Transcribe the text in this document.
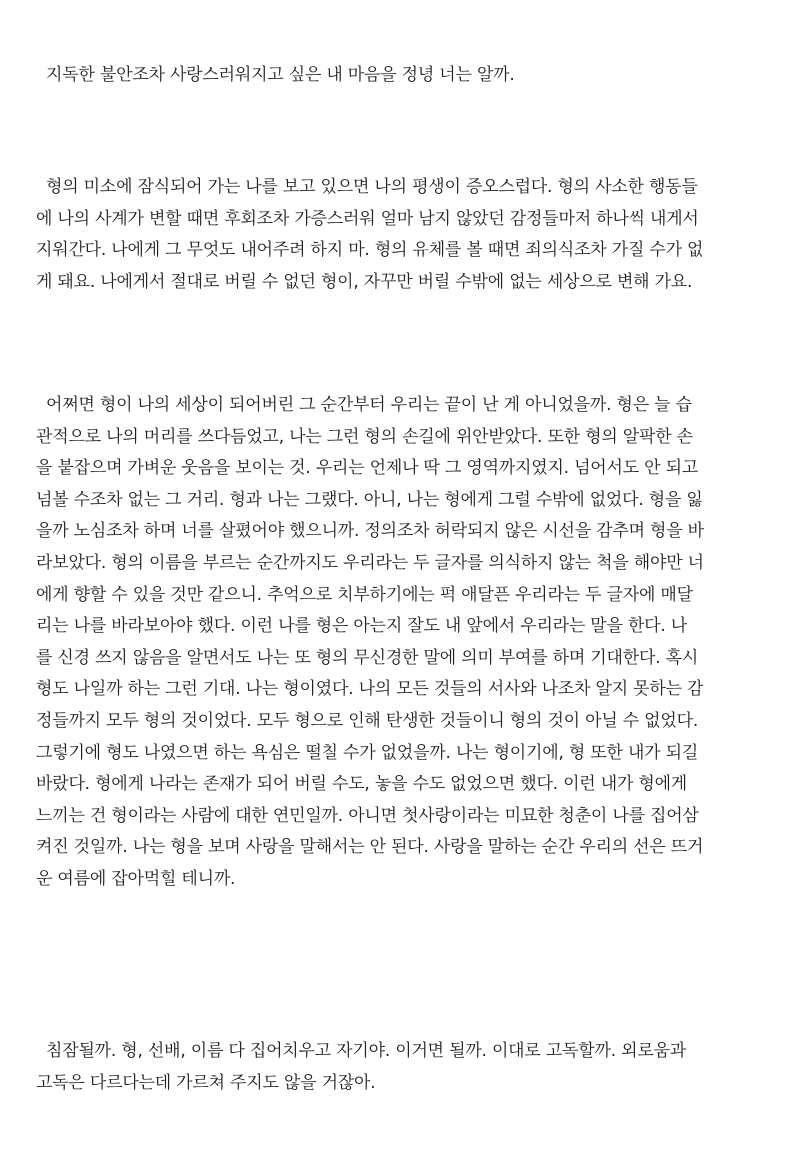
지독한 불안조차 사랑스러워지고 싶은 내 마음을 정녕 너는 알까.

형의 미소에 잠식되어 가는 나를 보고 있으면 나의 평생이 증오스럽다. 형의 사소한 행동들
에 나의 사계가 변할 때면 후회조차 가증스러워 얼마 남지 않았던 감정들마저 하나씩 내게서
지워간다. 나에게 그 무엇도 내어주려 하지 마. 형의 유체를 볼 때면 죄의식조차 가질 수가 없
게 돼요. 나에게서 절대로 버릴 수 없던 형이, 자꾸만 버릴 수밖에 없는 세상으로 변해 가요.

어쩌면 형이 나의 세상이 되어버린 그 순간부터 우리는 끝이 난 게 아니었을까. 형은 늘 습
관적으로 나의 머리를 쓰다듬었고, 나는 그런 형의 손길에 위안받았다. 또한 형의 알팍한 손
을 붙잡으며 가벼운 웃음을 보이는 것. 우리는 언제나 딱 그 영역까지였지. 넘어서도 안 되고
넘볼 수조차 없는 그 거리. 형과 나는 그랬다. 아니, 나는 형에게 그럴 수밖에 없었다. 형을 잃
을까 노심조차 하며 너를 살폈어야 했으니까. 정의조차 허락되지 않은 시선을 감추며 형을 바
라보았다. 형의 이름을 부르는 순간까지도 우리라는 두 글자를 의식하지 않는 척을 해야만 너
에게 향할 수 있을 것만 같으니. 추억으로 치부하기에는 퍽 애달픈 우리라는 두 글자에 매달
리는 나를 바라보아야 했다. 이런 나를 형은 아는지 잘도 내 앞에서 우리라는 말을 한다. 나
를 신경 쓰지 않음을 알면서도 나는 또 형의 무신경한 말에 의미 부여를 하며 기대한다. 혹시
형도 나일까 하는 그런 기대. 나는 형이였다. 나의 모든 것들의 서사와 나조차 알지 못하는 감
정들까지 모두 형의 것이었다. 모두 형으로 인해 탄생한 것들이니 형의 것이 아닐 수 없었다.
그렇기에 형도 나였으면 하는 욕심은 떨칠 수가 없었을까. 나는 형이기에, 형 또한 내가 되길
바랐다. 형에게 나라는 존재가 되어 버릴 수도, 놓을 수도 없었으면 했다. 이런 내가 형에게
느끼는 건 형이라는 사람에 대한 연민일까. 아니면 첫사랑이라는 미묘한 청춘이 나를 집어삼
켜진 것일까. 나는 형을 보며 사랑을 말해서는 안 된다. 사랑을 말하는 순간 우리의 선은 뜨거
운 여름에 잡아먹힐 테니까.

침잠될까. 형, 선배, 이름 다 집어치우고 자기야. 이거면 될까. 이대로 고독할까. 외로움과
고독은 다르다는데 가르쳐 주지도 않을 거잖아.
